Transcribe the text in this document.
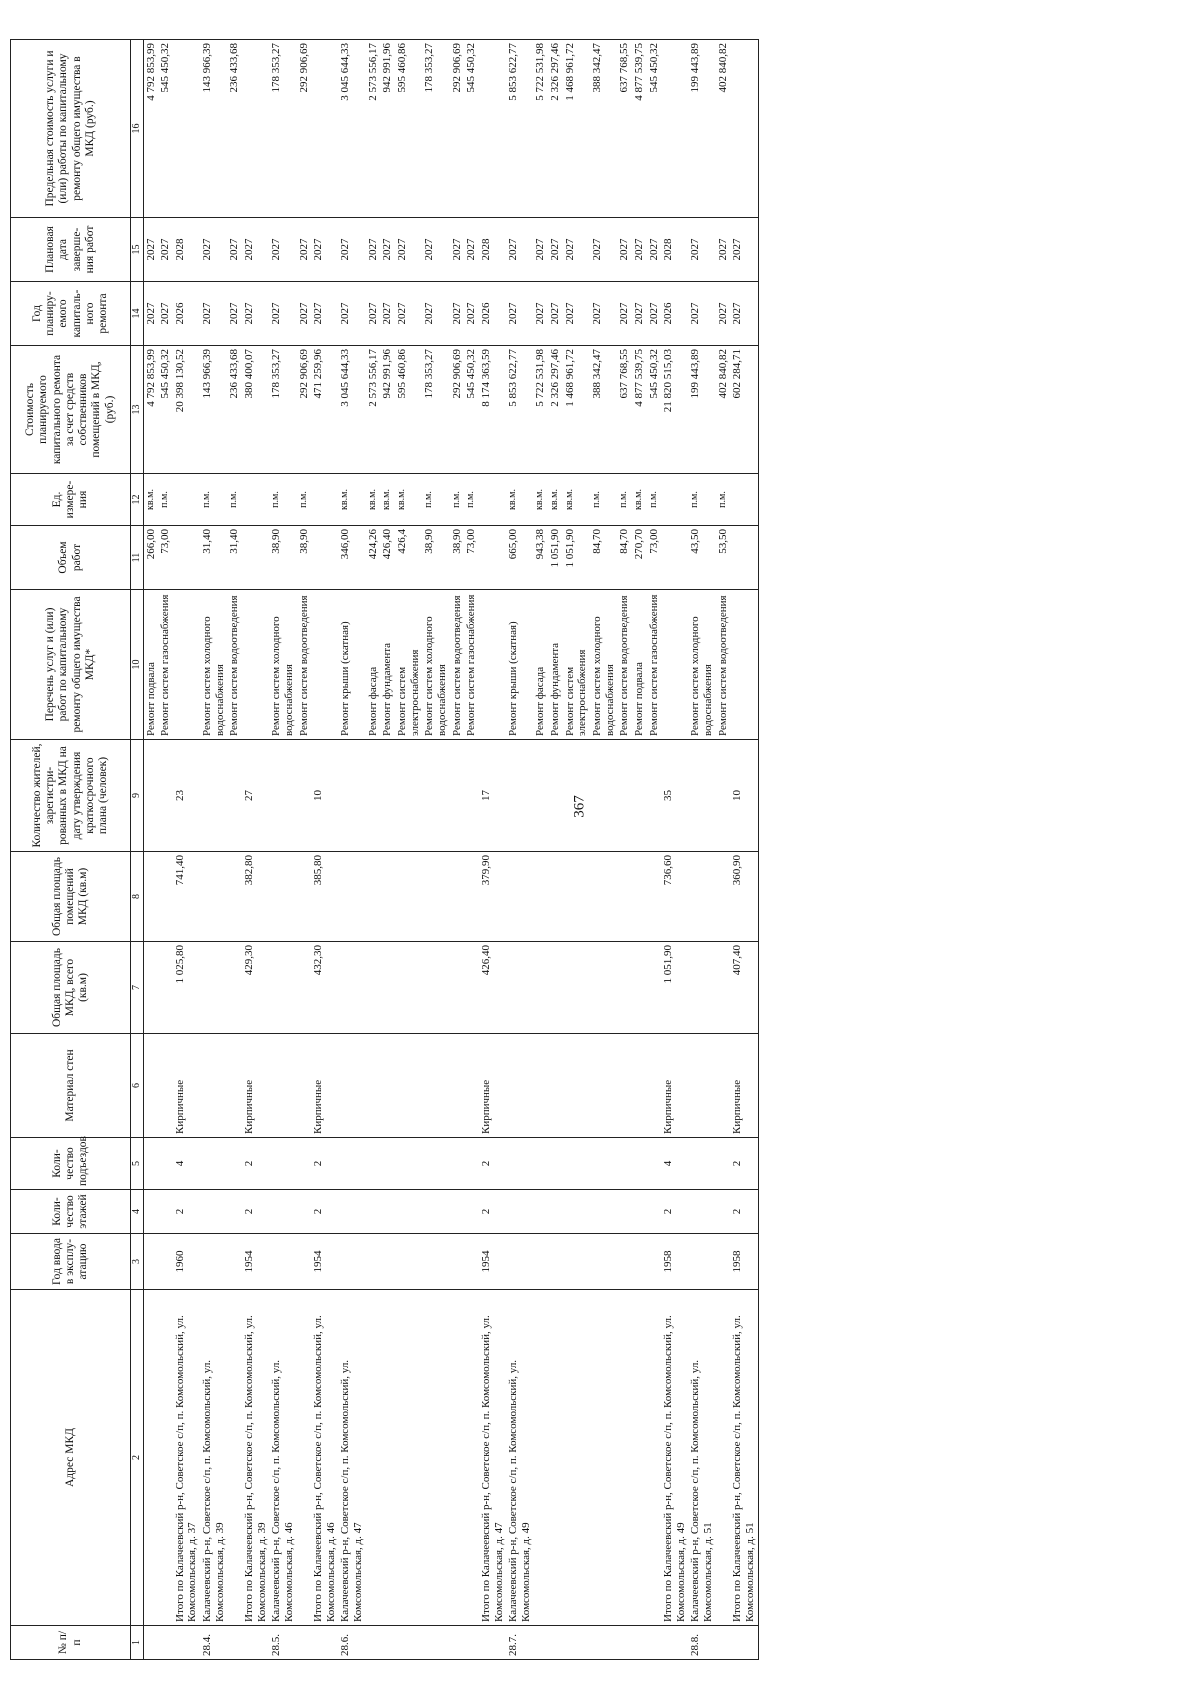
367
№ п/п	Адрес МКД	Год ввода в эксплу-атацию	Коли-чество этажей	Коли-чество подъездов	Материал стен	Общая площадь МКД, всего (кв.м)	Общая площадь помещений МКД (кв.м)	Количество жителей, зарегистри-рованных в МКД на дату утверждения краткосрочного плана (человек)	Перечень услуг и (или) работ по капитальному ремонту общего имущества МКД*	Объем работ	Ед. измере-ния	Стоимость планируемого капитального ремонта за счет средств собственников помещений в МКД, (руб.)	Год планиру-емого капиталь-ного ремонта	Плановая дата заверше-ния работ	Предельная стоимость услуги и (или) работы по капитальному ремонту общего имущества в МКД (руб.)
1	2	3	4	5	6	7	8	9	10	11	12	13	14	15	16
									Ремонт подвала	266,00	кв.м.	4 792 853,99	2027	2027	4 792 853,99
									Ремонт систем газоснабжения	73,00	п.м.	545 450,32	2027	2027	545 450,32
	Итого по Калачеевский р-н, Советское с/п, п. Комсомольский, ул. Комсомольская, д. 37	1960	2	4	Кирпичные	1 025,80	741,40	23				20 398 130,52	2026	2028	
28.4.	Калачеевский р-н, Советское с/п, п. Комсомольский, ул. Комсомольская, д. 39								Ремонт систем холодного водоснабжения	31,40	п.м.	143 966,39	2027	2027	143 966,39
									Ремонт систем водоотведения	31,40	п.м.	236 433,68	2027	2027	236 433,68
	Итого по Калачеевский р-н, Советское с/п, п. Комсомольский, ул. Комсомольская, д. 39	1954	2	2	Кирпичные	429,30	382,80	27				380 400,07	2027	2027	
28.5.	Калачеевский р-н, Советское с/п, п. Комсомольский, ул. Комсомольская, д. 46								Ремонт систем холодного водоснабжения	38,90	п.м.	178 353,27	2027	2027	178 353,27
									Ремонт систем водоотведения	38,90	п.м.	292 906,69	2027	2027	292 906,69
	Итого по Калачеевский р-н, Советское с/п, п. Комсомольский, ул. Комсомольская, д. 46	1954	2	2	Кирпичные	432,30	385,80	10				471 259,96	2027	2027	
28.6.	Калачеевский р-н, Советское с/п, п. Комсомольский, ул. Комсомольская, д. 47								Ремонт крыши (скатная)	346,00	кв.м.	3 045 644,33	2027	2027	3 045 644,33
									Ремонт фасада	424,26	кв.м.	2 573 556,17	2027	2027	2 573 556,17
									Ремонт фундамента	426,40	кв.м.	942 991,96	2027	2027	942 991,96
									Ремонт систем электроснабжения	426,4	кв.м.	595 460,86	2027	2027	595 460,86
									Ремонт систем холодного водоснабжения	38,90	п.м.	178 353,27	2027	2027	178 353,27
									Ремонт систем водоотведения	38,90	п.м.	292 906,69	2027	2027	292 906,69
									Ремонт систем газоснабжения	73,00	п.м.	545 450,32	2027	2027	545 450,32
	Итого по Калачеевский р-н, Советское с/п, п. Комсомольский, ул. Комсомольская, д. 47	1954	2	2	Кирпичные	426,40	379,90	17				8 174 363,59	2026	2028	
28.7.	Калачеевский р-н, Советское с/п, п. Комсомольский, ул. Комсомольская, д. 49								Ремонт крыши (скатная)	665,00	кв.м.	5 853 622,77	2027	2027	5 853 622,77
									Ремонт фасада	943,38	кв.м.	5 722 531,98	2027	2027	5 722 531,98
									Ремонт фундамента	1 051,90	кв.м.	2 326 297,46	2027	2027	2 326 297,46
									Ремонт систем электроснабжения	1 051,90	кв.м.	1 468 961,72	2027	2027	1 468 961,72
									Ремонт систем холодного водоснабжения	84,70	п.м.	388 342,47	2027	2027	388 342,47
									Ремонт систем водоотведения	84,70	п.м.	637 768,55	2027	2027	637 768,55
									Ремонт подвала	270,70	кв.м.	4 877 539,75	2027	2027	4 877 539,75
									Ремонт систем газоснабжения	73,00	п.м.	545 450,32	2027	2027	545 450,32
	Итого по Калачеевский р-н, Советское с/п, п. Комсомольский, ул. Комсомольская, д. 49	1958	2	4	Кирпичные	1 051,90	736,60	35				21 820 515,03	2026	2028	
28.8.	Калачеевский р-н, Советское с/п, п. Комсомольский, ул. Комсомольская, д. 51								Ремонт систем холодного водоснабжения	43,50	п.м.	199 443,89	2027	2027	199 443,89
									Ремонт систем водоотведения	53,50	п.м.	402 840,82	2027	2027	402 840,82
	Итого по Калачеевский р-н, Советское с/п, п. Комсомольский, ул. Комсомольская, д. 51	1958	2	2	Кирпичные	407,40	360,90	10				602 284,71	2027	2027	
